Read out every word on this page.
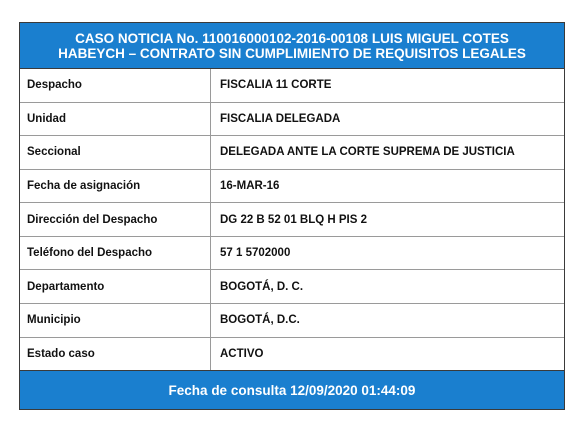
CASO NOTICIA No. 110016000102-2016-00108 LUIS MIGUEL COTES
HABEYCH – CONTRATO SIN CUMPLIMIENTO DE REQUISITOS LEGALES
Despacho	FISCALIA 11 CORTE
Unidad	FISCALIA DELEGADA
Seccional	DELEGADA ANTE LA CORTE SUPREMA DE JUSTICIA
Fecha de asignación	16-MAR-16
Dirección del Despacho	DG 22 B 52 01 BLQ H PIS 2
Teléfono del Despacho	57 1 5702000
Departamento	BOGOTÁ, D. C.
Municipio	BOGOTÁ, D.C.
Estado caso	ACTIVO
Fecha de consulta 12/09/2020 01:44:09
